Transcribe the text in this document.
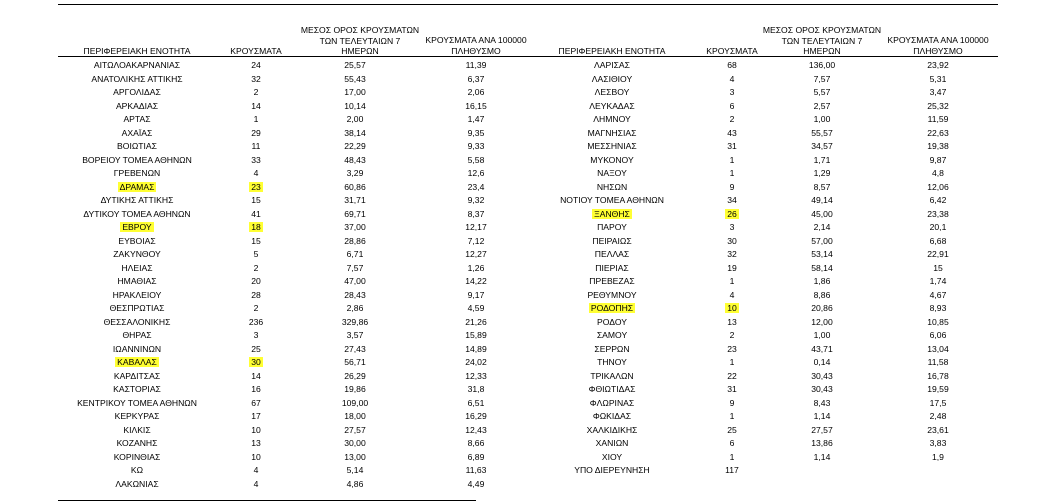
ΠΕΡΙΦΕΡΕΙΑΚΗ ΕΝΟΤΗΤΑ	ΚΡΟΥΣΜΑΤΑ
ΜΕΣΟΣ ΟΡΟΣ ΚΡΟΥΣΜΑΤΩΝ
ΤΩΝ ΤΕΛΕΥΤΑΙΩΝ 7
ΗΜΕΡΩΝ
ΚΡΟΥΣΜΑΤΑ ΑΝΑ 100000
ΠΛΗΘΥΣΜΟ	ΠΕΡΙΦΕΡΕΙΑΚΗ ΕΝΟΤΗΤΑ	ΚΡΟΥΣΜΑΤΑ
ΜΕΣΟΣ ΟΡΟΣ ΚΡΟΥΣΜΑΤΩΝ
ΤΩΝ ΤΕΛΕΥΤΑΙΩΝ 7
ΗΜΕΡΩΝ
ΚΡΟΥΣΜΑΤΑ ΑΝΑ 100000
ΠΛΗΘΥΣΜΟ
ΑΙΤΩΛΟΑΚΑΡΝΑΝΙΑΣ	24	25,57	11,39	ΛΑΡΙΣΑΣ	68	136,00	23,92
ΑΝΑΤΟΛΙΚΗΣ ΑΤΤΙΚΗΣ	32	55,43	6,37	ΛΑΣΙΘΙΟΥ	4	7,57	5,31
ΑΡΓΟΛΙΔΑΣ	2	17,00	2,06	ΛΕΣΒΟΥ	3	5,57	3,47
ΑΡΚΑΔΙΑΣ	14	10,14	16,15	ΛΕΥΚΑΔΑΣ	6	2,57	25,32
ΑΡΤΑΣ	1	2,00	1,47	ΛΗΜΝΟΥ	2	1,00	11,59
ΑΧΑΪΑΣ	29	38,14	9,35	ΜΑΓΝΗΣΙΑΣ	43	55,57	22,63
ΒΟΙΩΤΙΑΣ	11	22,29	9,33	ΜΕΣΣΗΝΙΑΣ	31	34,57	19,38
ΒΟΡΕΙΟΥ ΤΟΜΕΑ ΑΘΗΝΩΝ	33	48,43	5,58	ΜΥΚΟΝΟΥ	1	1,71	9,87
ΓΡΕΒΕΝΩΝ	4	3,29	12,6	ΝΑΞΟΥ	1	1,29	4,8
ΔΡΑΜΑΣ	23	60,86	23,4	ΝΗΣΩΝ	9	8,57	12,06
ΔΥΤΙΚΗΣ ΑΤΤΙΚΗΣ	15	31,71	9,32	ΝΟΤΙΟΥ ΤΟΜΕΑ ΑΘΗΝΩΝ	34	49,14	6,42
ΔΥΤΙΚΟΥ ΤΟΜΕΑ ΑΘΗΝΩΝ	41	69,71	8,37	ΞΑΝΘΗΣ	26	45,00	23,38
ΕΒΡΟΥ	18	37,00	12,17	ΠΑΡΟΥ	3	2,14	20,1
ΕΥΒΟΙΑΣ	15	28,86	7,12	ΠΕΙΡΑΙΩΣ	30	57,00	6,68
ΖΑΚΥΝΘΟΥ	5	6,71	12,27	ΠΕΛΛΑΣ	32	53,14	22,91
ΗΛΕΙΑΣ	2	7,57	1,26	ΠΙΕΡΙΑΣ	19	58,14	15
ΗΜΑΘΙΑΣ	20	47,00	14,22	ΠΡΕΒΕΖΑΣ	1	1,86	1,74
ΗΡΑΚΛΕΙΟΥ	28	28,43	9,17	ΡΕΘΥΜΝΟΥ	4	8,86	4,67
ΘΕΣΠΡΩΤΙΑΣ	2	2,86	4,59	ΡΟΔΟΠΗΣ	10	20,86	8,93
ΘΕΣΣΑΛΟΝΙΚΗΣ	236	329,86	21,26	ΡΟΔΟΥ	13	12,00	10,85
ΘΗΡΑΣ	3	3,57	15,89	ΣΑΜΟΥ	2	1,00	6,06
ΙΩΑΝΝΙΝΩΝ	25	27,43	14,89	ΣΕΡΡΩΝ	23	43,71	13,04
ΚΑΒΑΛΑΣ	30	56,71	24,02	ΤΗΝΟΥ	1	0,14	11,58
ΚΑΡΔΙΤΣΑΣ	14	26,29	12,33	ΤΡΙΚΑΛΩΝ	22	30,43	16,78
ΚΑΣΤΟΡΙΑΣ	16	19,86	31,8	ΦΘΙΩΤΙΔΑΣ	31	30,43	19,59
ΚΕΝΤΡΙΚΟΥ ΤΟΜΕΑ ΑΘΗΝΩΝ	67	109,00	6,51	ΦΛΩΡΙΝΑΣ	9	8,43	17,5
ΚΕΡΚΥΡΑΣ	17	18,00	16,29	ΦΩΚΙΔΑΣ	1	1,14	2,48
ΚΙΛΚΙΣ	10	27,57	12,43	ΧΑΛΚΙΔΙΚΗΣ	25	27,57	23,61
ΚΟΖΑΝΗΣ	13	30,00	8,66	ΧΑΝΙΩΝ	6	13,86	3,83
ΚΟΡΙΝΘΙΑΣ	10	13,00	6,89	ΧΙΟΥ	1	1,14	1,9
ΚΩ	4	5,14	11,63	ΥΠΟ ΔΙΕΡΕΥΝΗΣΗ	117
ΛΑΚΩΝΙΑΣ	4	4,86	4,49
